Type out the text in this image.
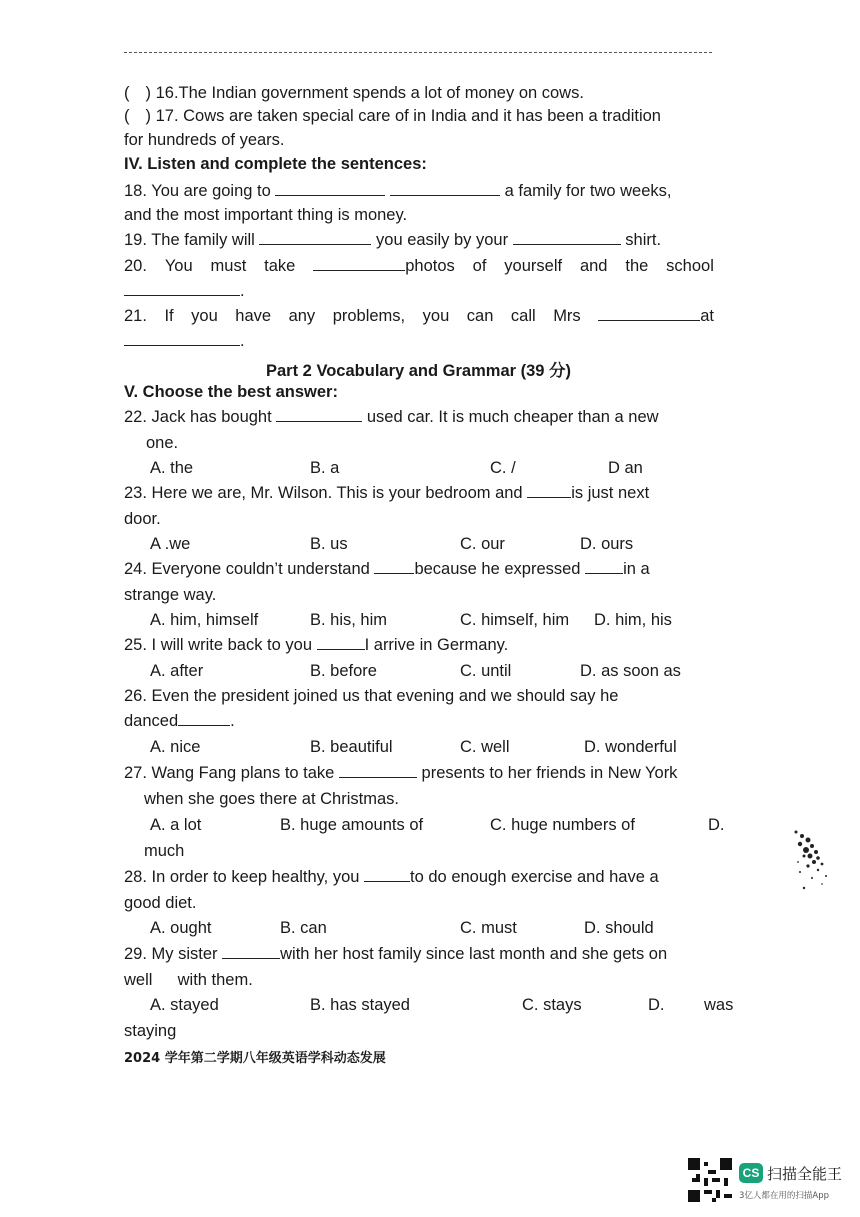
( ) 16.The Indian government spends a lot of money on cows.
( ) 17. Cows are taken special care of in India and it has been a tradition
for hundreds of years.
IV. Listen and complete the sentences:
18. You are going to	a family for two weeks,
and the most important thing is money.
19. The family will	you easily by your	shirt.
20. You must take	photos of yourself and the school
.
21. If you have any problems, you can call Mrs	at
.
Part 2 Vocabulary and Grammar (39 分)
V. Choose the best answer:
22. Jack has bought	used car. It is much cheaper than a new
one.
A. the	B. a	C. /	D an
23. Here we are, Mr. Wilson. This is your bedroom and	is just next
door.
A .we	B. us	C. our	D. ours
24. Everyone couldn’t understand	because he expressed	in a
strange way.
A. him, himself	B. his, him	C. himself, him D. him, his
25. I will write back to you	I arrive in Germany.
A. after	B. before	C. until	D. as soon as
26. Even the president joined us that evening and we should say he
danced	.
A. nice	B. beautiful	C. well	D. wonderful
27. Wang Fang plans to take	presents to her friends in New York
when she goes there at Christmas.
A. a lot	B. huge amounts of	C. huge numbers of	D.
much
28. In order to keep healthy, you	to do enough exercise and have a
good diet.
A. ought	B. can	C. must	D. should
29. My sister	with her host family since last month and she gets on
well with them.
A. stayed	B. has stayed	C. stays	D. was
staying
2024 学年第二学期八年级英语学科动态发展
CS 扫描全能王
3亿人都在用的扫描App
